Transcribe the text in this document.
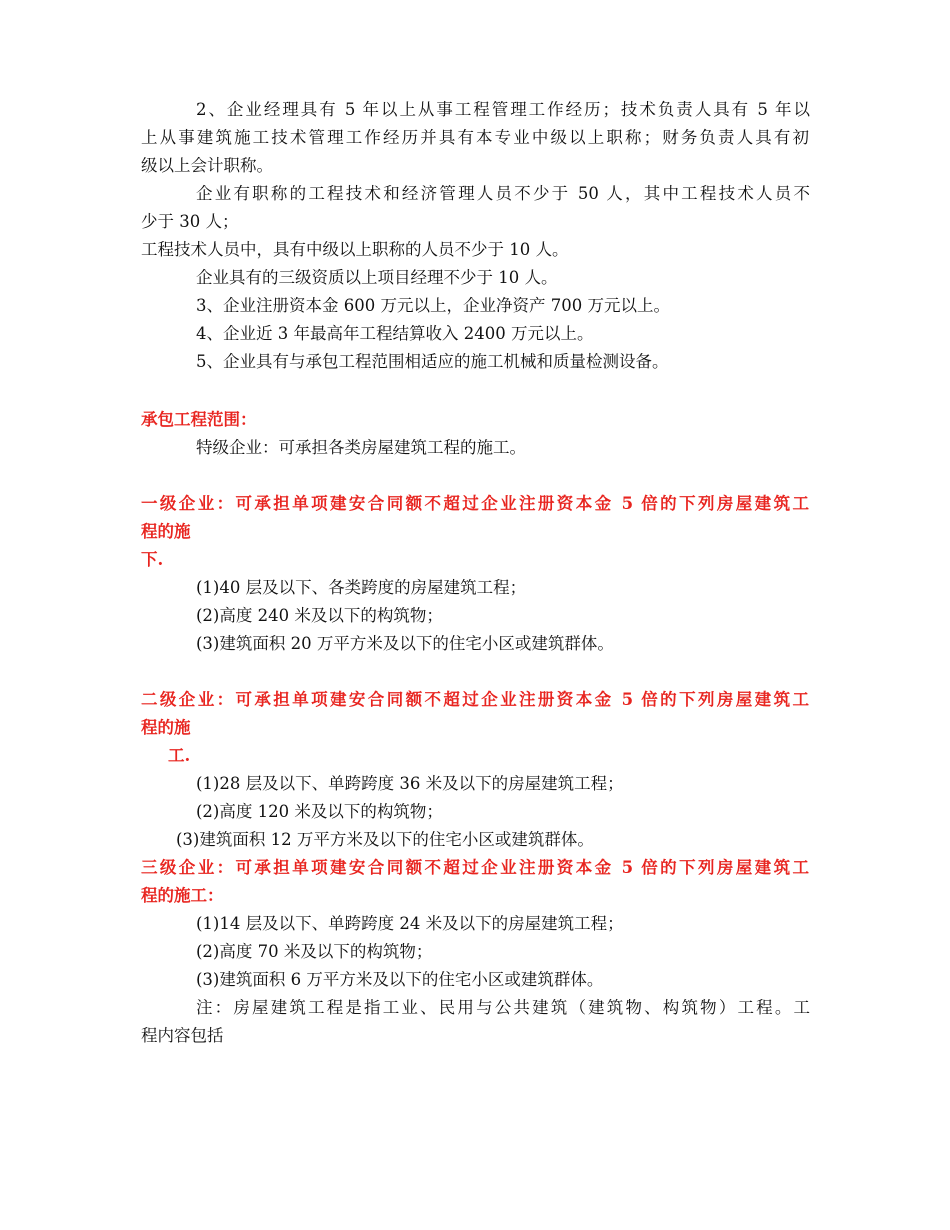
2、企业经理具有 5 年以上从事工程管理工作经历；技术负责人具有 5 年以
上从事建筑施工技术管理工作经历并具有本专业中级以上职称；财务负责人具有初
级以上会计职称。
企业有职称的工程技术和经济管理人员不少于 50 人，其中工程技术人员不
少于 30 人；
工程技术人员中，具有中级以上职称的人员不少于 10 人。
企业具有的三级资质以上项目经理不少于 10 人。
3、企业注册资本金 600 万元以上，企业净资产 700 万元以上。
4、企业近 3 年最高年工程结算收入 2400 万元以上。
5、企业具有与承包工程范围相适应的施工机械和质量检测设备。
承包工程范围：
特级企业：可承担各类房屋建筑工程的施工。
一级企业：可承担单项建安合同额不超过企业注册资本金 5 倍的下列房屋建筑工
程的施
下.
(1)40 层及以下、各类跨度的房屋建筑工程；
(2)高度 240 米及以下的构筑物；
(3)建筑面积 20 万平方米及以下的住宅小区或建筑群体。
二级企业：可承担单项建安合同额不超过企业注册资本金 5 倍的下列房屋建筑工
程的施
工.
(1)28 层及以下、单跨跨度 36 米及以下的房屋建筑工程；
(2)高度 120 米及以下的构筑物；
(3)建筑面积 12 万平方米及以下的住宅小区或建筑群体。
三级企业：可承担单项建安合同额不超过企业注册资本金 5 倍的下列房屋建筑工
程的施工：
(1)14 层及以下、单跨跨度 24 米及以下的房屋建筑工程；
(2)高度 70 米及以下的构筑物；
(3)建筑面积 6 万平方米及以下的住宅小区或建筑群体。
注：房屋建筑工程是指工业、民用与公共建筑（建筑物、构筑物）工程。工
程内容包括
